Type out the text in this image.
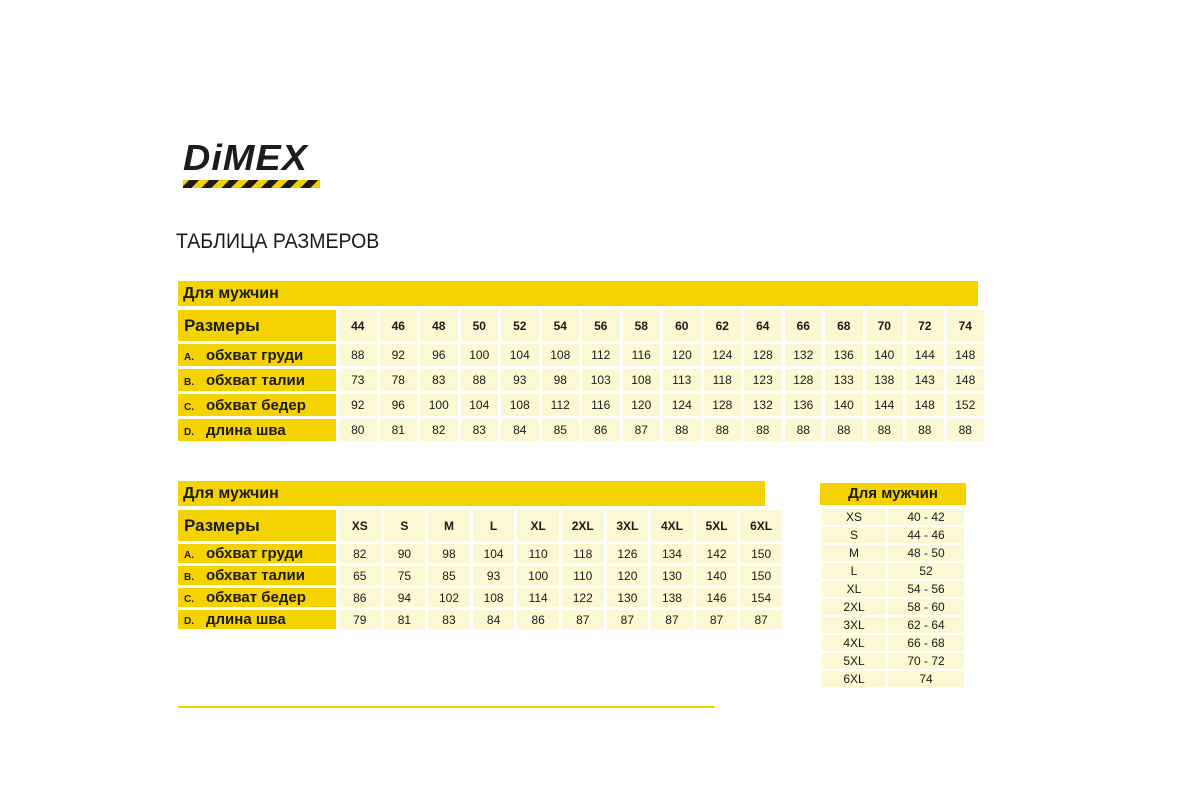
DiMEX
ТАБЛИЦА РАЗМЕРОВ
Для мужчин
Размеры	44	46	48	50	52	54	56	58	60	62	64	66	68	70	72	74
A. обхват груди	88	92	96	100	104	108	112	116	120	124	128	132	136	140	144	148
B. обхват талии	73	78	83	88	93	98	103	108	113	118	123	128	133	138	143	148
C. обхват бедер	92	96	100	104	108	112	116	120	124	128	132	136	140	144	148	152
D. длина шва	80	81	82	83	84	85	86	87	88	88	88	88	88	88	88	88
Для мужчин
Размеры	XS	S	M	L	XL	2XL	3XL	4XL	5XL	6XL
A. обхват груди	82	90	98	104	110	118	126	134	142	150
B. обхват талии	65	75	85	93	100	110	120	130	140	150
C. обхват бедер	86	94	102	108	114	122	130	138	146	154
D. длина шва	79	81	83	84	86	87	87	87	87	87
Для мужчин
XS	40 - 42
S	44 - 46
M	48 - 50
L	52
XL	54 - 56
2XL	58 - 60
3XL	62 - 64
4XL	66 - 68
5XL	70 - 72
6XL	74
